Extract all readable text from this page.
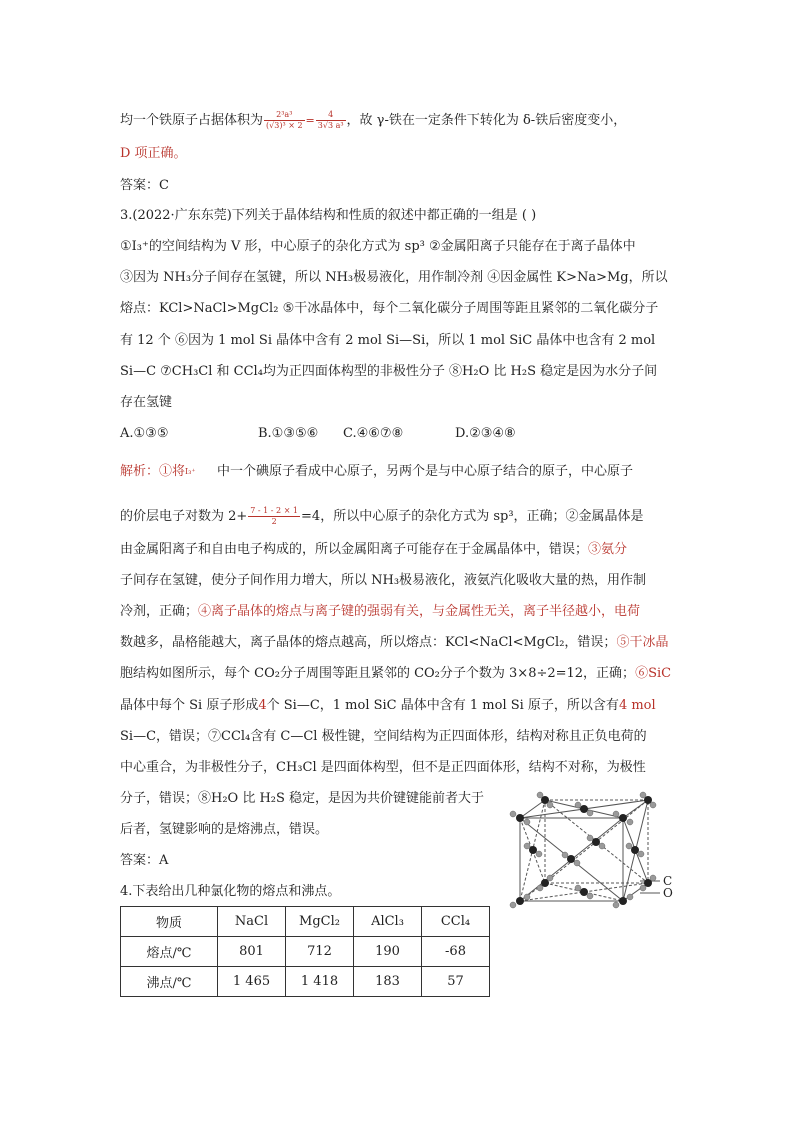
均一个铁原子占据体积为 $\frac{\text{2³a³}}{\text{(√3)³ × 2}} = \frac{4}{\text{3√3 a³}}$ ，故 γ-铁在一定条件下转化为 δ-铁后密度变小，
D 项正确。
答案：C
3.(2022·广东东莞)下列关于晶体结构和性质的叙述中都正确的一组是 ( )
①I₃⁺的空间结构为 V 形，中心原子的杂化方式为 sp³ ②金属阳离子只能存在于离子晶体中
③因为 NH₃分子间存在氢键，所以 NH₃极易液化，用作制冷剂 ④因金属性 K>Na>Mg，所以
熔点：KCl>NaCl>MgCl₂ ⑤干冰晶体中，每个二氧化碳分子周围等距且紧邻的二氧化碳分子
有 12 个 ⑥因为 1 mol Si 晶体中含有 2 mol Si—Si，所以 1 mol SiC 晶体中也含有 2 mol
Si—C ⑦CH₃Cl 和 CCl₄均为正四面体构型的非极性分子 ⑧H₂O 比 H₂S 稳定是因为水分子间
存在氢键
A.①③⑤	B.①③⑤⑥ C.④⑥⑦⑧	D.②③④⑧
解析：①将I₃⁺ 中一个碘原子看成中心原子，另两个是与中心原子结合的原子，中心原子
的价层电子对数为 $2+ \frac{7 - 1 - 2 \times 1}{2} =4$，所以中心原子的杂化方式为 sp³，正确；②金属晶体是
由金属阳离子和自由电子构成的，所以金属阳离子可能存在于金属晶体中，错误；③氨分
子间存在氢键，使分子间作用力增大，所以 NH₃极易液化，液氨汽化吸收大量的热，用作制
冷剂，正确；④离子晶体的熔点与离子键的强弱有关，与金属性无关，离子半径越小，电荷
数越多，晶格能越大，离子晶体的熔点越高，所以熔点：KCl<NaCl<MgCl₂，错误；⑤干冰晶
胞结构如图所示，每个 CO₂分子周围等距且紧邻的 CO₂分子个数为 3×8÷2=12，正确；⑥SiC
晶体中每个 Si 原子形成4个 Si—C，1 mol SiC 晶体中含有 1 mol Si 原子，所以含有4 mol
Si—C，错误；⑦CCl₄含有 C—Cl 极性键，空间结构为正四面体形，结构对称且正负电荷的
中心重合，为非极性分子，CH₃Cl 是四面体构型，但不是正四面体形，结构不对称，为极性
分子，错误；⑧H₂O 比 H₂S 稳定，是因为共价键键能前者大于
后者，氢键影响的是熔沸点，错误。
答案：A
4.下表给出几种氯化物的熔点和沸点。
C
O
物质	NaCl	MgCl₂	AlCl₃	CCl₄
熔点/℃	801	712	190	-68
沸点/℃	1 465	1 418	183	57
